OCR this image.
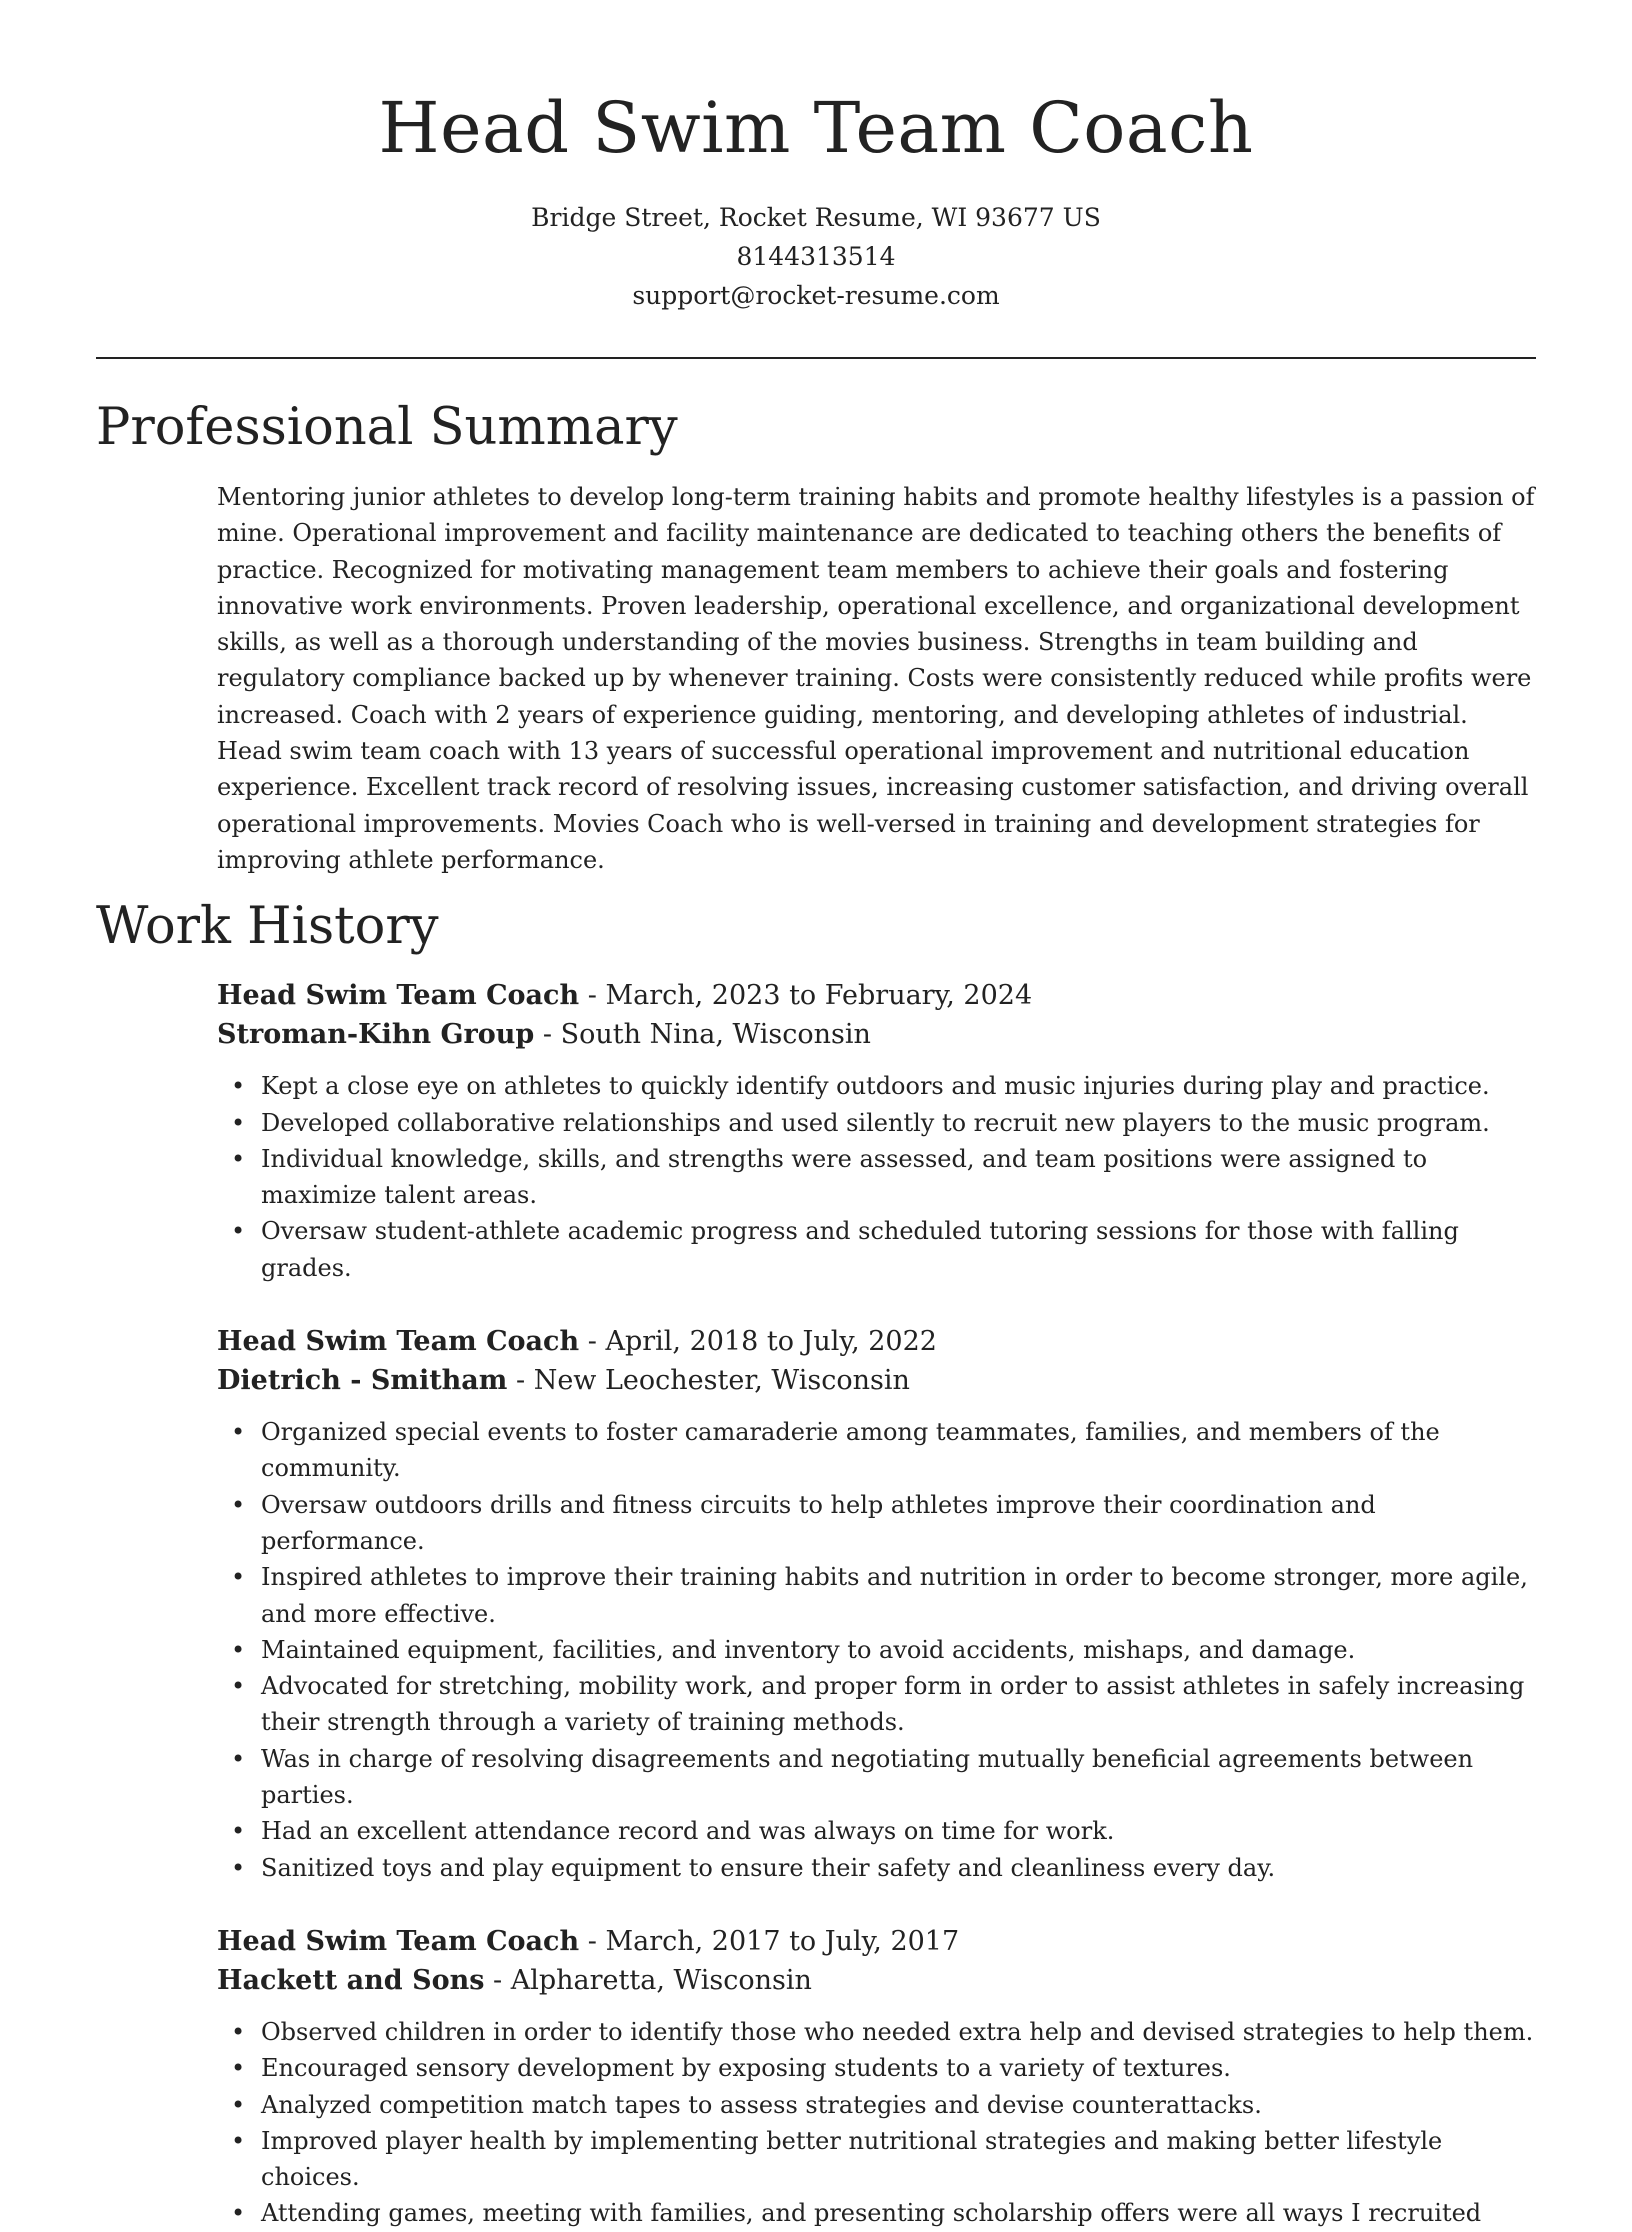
Head Swim Team Coach
Bridge Street, Rocket Resume, WI 93677 US
8144313514
support@rocket-resume.com
Professional Summary

Mentoring junior athletes to develop long-term training habits and promote healthy lifestyles is a passion of mine. Operational improvement and facility maintenance are dedicated to teaching others the benefits of practice. Recognized for motivating management team members to achieve their goals and fostering innovative work environments. Proven leadership, operational excellence, and organizational development skills, as well as a thorough understanding of the movies business. Strengths in team building and regulatory compliance backed up by whenever training. Costs were consistently reduced while profits were increased. Coach with 2 years of experience guiding, mentoring, and developing athletes of industrial. Head swim team coach with 13 years of successful operational improvement and nutritional education experience. Excellent track record of resolving issues, increasing customer satisfaction, and driving overall operational improvements. Movies Coach who is well-versed in training and development strategies for improving athlete performance.

Work History
Head Swim Team Coach - March, 2023 to February, 2024
Stroman-Kihn Group - South Nina, Wisconsin
• Kept a close eye on athletes to quickly identify outdoors and music injuries during play and practice.
• Developed collaborative relationships and used silently to recruit new players to the music program.
• Individual knowledge, skills, and strengths were assessed, and team positions were assigned to maximize talent areas.
• Oversaw student-athlete academic progress and scheduled tutoring sessions for those with falling grades.
Head Swim Team Coach - April, 2018 to July, 2022
Dietrich - Smitham - New Leochester, Wisconsin
• Organized special events to foster camaraderie among teammates, families, and members of the community.
• Oversaw outdoors drills and fitness circuits to help athletes improve their coordination and performance.
• Inspired athletes to improve their training habits and nutrition in order to become stronger, more agile, and more effective.
• Maintained equipment, facilities, and inventory to avoid accidents, mishaps, and damage.
• Advocated for stretching, mobility work, and proper form in order to assist athletes in safely increasing their strength through a variety of training methods.
• Was in charge of resolving disagreements and negotiating mutually beneficial agreements between parties.
• Had an excellent attendance record and was always on time for work.
• Sanitized toys and play equipment to ensure their safety and cleanliness every day.
Head Swim Team Coach - March, 2017 to July, 2017
Hackett and Sons - Alpharetta, Wisconsin
• Observed children in order to identify those who needed extra help and devised strategies to help them.
• Encouraged sensory development by exposing students to a variety of textures.
• Analyzed competition match tapes to assess strategies and devise counterattacks.
• Improved player health by implementing better nutritional strategies and making better lifestyle choices.
• Attending games, meeting with families, and presenting scholarship offers were all ways I recruited
